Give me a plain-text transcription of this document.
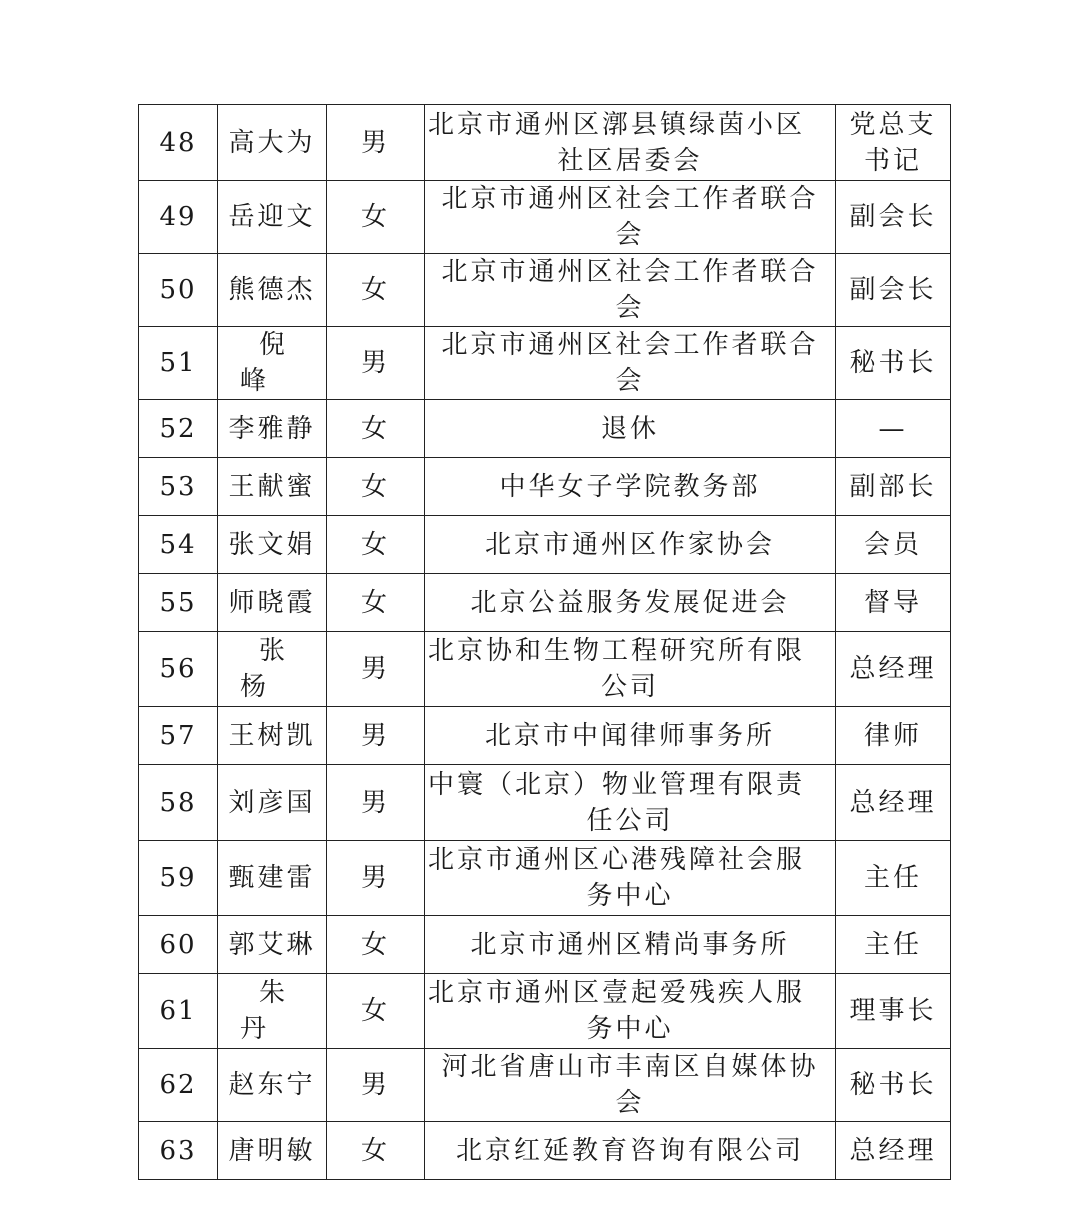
48	高大为	男	北京市通州区漷县镇绿茵小区社区居委会	党总支书记
49	岳迎文	女	北京市通州区社会工作者联合会	副会长
50	熊德杰	女	北京市通州区社会工作者联合会	副会长
51	倪 峰	男	北京市通州区社会工作者联合会	秘书长
52	李雅静	女	退休	—
53	王献蜜	女	中华女子学院教务部	副部长
54	张文娟	女	北京市通州区作家协会	会员
55	师晓霞	女	北京公益服务发展促进会	督导
56	张 杨	男	北京协和生物工程研究所有限公司	总经理
57	王树凯	男	北京市中闻律师事务所	律师
58	刘彦国	男	中寰（北京）物业管理有限责任公司	总经理
59	甄建雷	男	北京市通州区心港残障社会服务中心	主任
60	郭艾琳	女	北京市通州区精尚事务所	主任
61	朱 丹	女	北京市通州区壹起爱残疾人服务中心	理事长
62	赵东宁	男	河北省唐山市丰南区自媒体协会	秘书长
63	唐明敏	女	北京红延教育咨询有限公司	总经理
